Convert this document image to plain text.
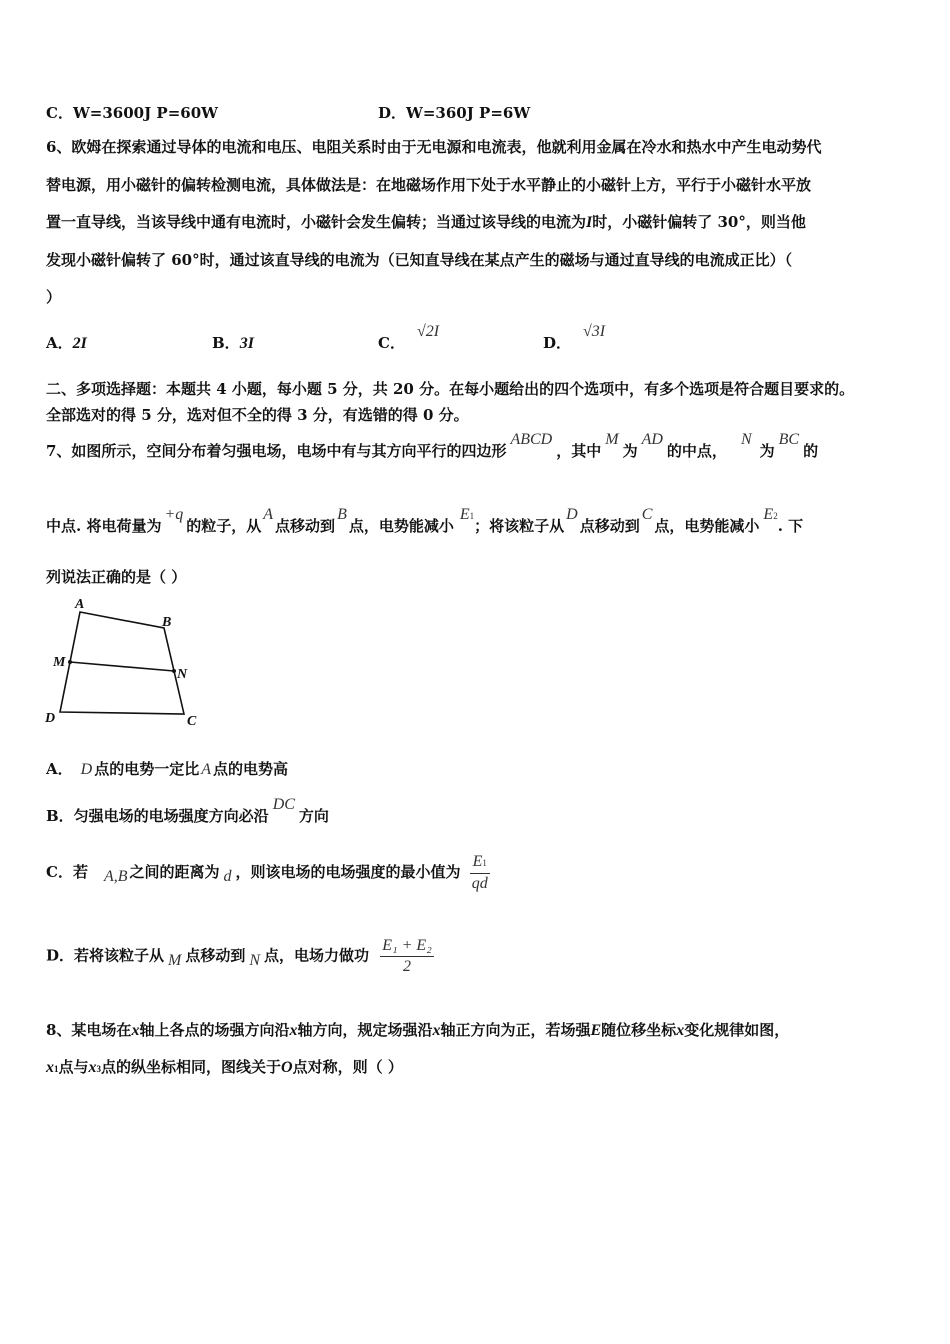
C．W=3600J P=60W	D．W=360J P=6W
6、欧姆在探索通过导体的电流和电压、电阻关系时由于无电源和电流表，他就利用金属在冷水和热水中产生电动势代
替电源，用小磁针的偏转检测电流，具体做法是：在地磁场作用下处于水平静止的小磁针上方，平行于小磁针水平放
置一直导线，当该导线中通有电流时，小磁针会发生偏转；当通过该导线的电流为I时，小磁针偏转了 30°，则当他
发现小磁针偏转了 60°时，通过该直导线的电流为（已知直导线在某点产生的磁场与通过直导线的电流成正比）（
）
A．2I	B．3I	C．√2I
D．√3I
二、多项选择题：本题共 4 小题，每小题 5 分，共 20 分。在每小题给出的四个选项中，有多个选项是符合题目要求的。
全部选对的得 5 分，选对但不全的得 3 分，有选错的得 0 分。
7、如图所示，空间分布着匀强电场，电场中有与其方向平行的四边形ABCD，其中M为AD的中点，N为BC的
中点. 将电荷量为+q的粒子，从A点移动到B点，电势能减小E1；将该粒子从D点移动到C点，电势能减小E2. 下
列说法正确的是（ ）
A
B
M
N
D	C
A． D 点的电势一定比 A 点的电势高
B．匀强电场的电场强度方向必沿DC方向
C．若 A,B 之间的距离为 d ，则该电场的电场强度的最小值为 $\frac{E1}{qd}$
D．若将该粒子从 M 点移动到 N 点，电场力做功 $\frac{\text{E₁ + E₂}}{2}$
8、某电场在x轴上各点的场强方向沿x轴方向，规定场强沿x轴正方向为正，若场强E随位移坐标x变化规律如图，
x1点与x3点的纵坐标相同，图线关于O点对称，则（ ）
